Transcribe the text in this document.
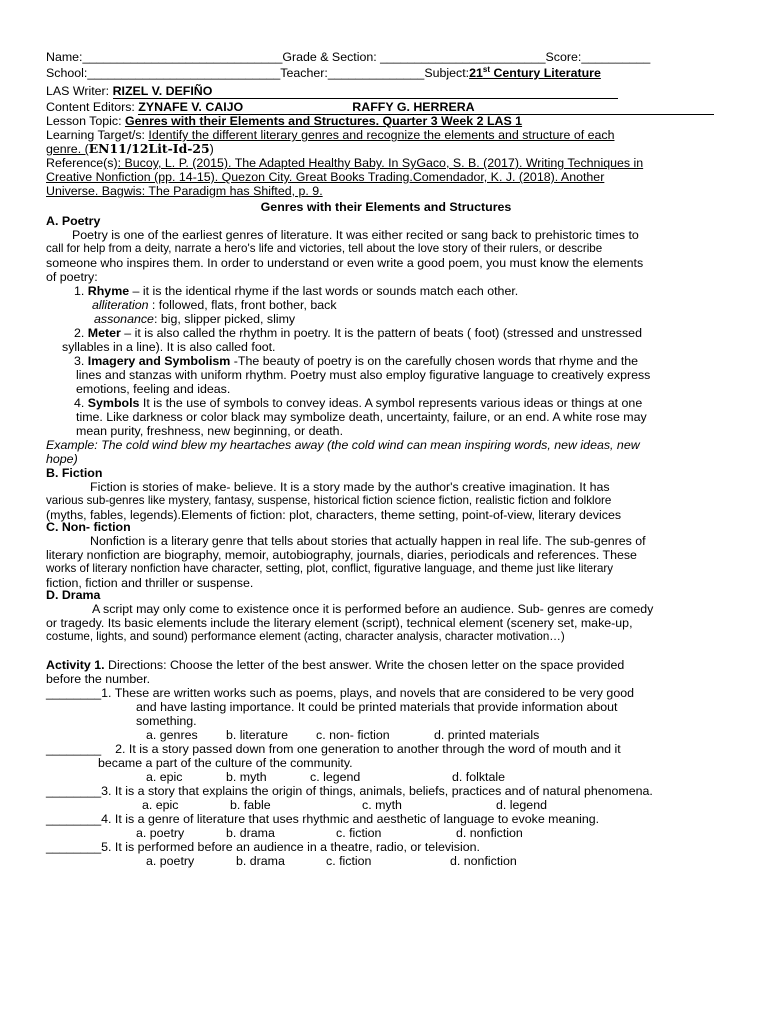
Name:_____________________________Grade & Section: ________________________Score:__________
School:____________________________Teacher:______________Subject:21st Century Literature
LAS Writer: RIZEL V. DEFIÑO
Content Editors: ZYNAFE V. CAIJO	RAFFY G. HERRERA
Lesson Topic: Genres with their Elements and Structures. Quarter 3 Week 2 LAS 1
Learning Target/s: Identify the different literary genres and recognize the elements and structure of each
genre. (EN11/12Lit-Id-25)
Reference(s): Bucoy, L. P. (2015). The Adapted Healthy Baby. In SyGaco, S. B. (2017). Writing Techniques in
Creative Nonfiction (pp. 14-15). Quezon City. Great Books Trading.Comendador, K. J. (2018). Another
Universe. Bagwis: The Paradigm has Shifted, p. 9.
Genres with their Elements and Structures
A. Poetry
Poetry is one of the earliest genres of literature. It was either recited or sang back to prehistoric times to
call for help from a deity, narrate a hero's life and victories, tell about the love story of their rulers, or describe
someone who inspires them. In order to understand or even write a good poem, you must know the elements
of poetry:
1. Rhyme – it is the identical rhyme if the last words or sounds match each other.
alliteration : followed, flats, front bother, back
assonance: big, slipper picked, slimy
2. Meter – it is also called the rhythm in poetry. It is the pattern of beats ( foot) (stressed and unstressed
syllables in a line). It is also called foot.
3. Imagery and Symbolism -The beauty of poetry is on the carefully chosen words that rhyme and the
lines and stanzas with uniform rhythm. Poetry must also employ figurative language to creatively express
emotions, feeling and ideas.
4. Symbols It is the use of symbols to convey ideas. A symbol represents various ideas or things at one
time. Like darkness or color black may symbolize death, uncertainty, failure, or an end. A white rose may
mean purity, freshness, new beginning, or death.
Example: The cold wind blew my heartaches away (the cold wind can mean inspiring words, new ideas, new
hope)
B. Fiction
Fiction is stories of make- believe. It is a story made by the author's creative imagination. It has
various sub-genres like mystery, fantasy, suspense, historical fiction science fiction, realistic fiction and folklore
(myths, fables, legends).Elements of fiction: plot, characters, theme setting, point-of-view, literary devices
C. Non- fiction
Nonfiction is a literary genre that tells about stories that actually happen in real life. The sub-genres of
literary nonfiction are biography, memoir, autobiography, journals, diaries, periodicals and references. These
works of literary nonfiction have character, setting, plot, conflict, figurative language, and theme just like literary
fiction, fiction and thriller or suspense.
D. Drama
A script may only come to existence once it is performed before an audience. Sub- genres are comedy
or tragedy. Its basic elements include the literary element (script), technical element (scenery set, make-up,
costume, lights, and sound) performance element (acting, character analysis, character motivation…)
Activity 1. Directions: Choose the letter of the best answer. Write the chosen letter on the space provided
before the number.
________1. These are written works such as poems, plays, and novels that are considered to be very good
and have lasting importance. It could be printed materials that provide information about
something.
a. genres b. literature c. non- fiction	d. printed materials
________ 2. It is a story passed down from one generation to another through the word of mouth and it
became a part of the culture of the community.
a. epic	b. myth	c. legend	d. folktale
________3. It is a story that explains the origin of things, animals, beliefs, practices and of natural phenomena.
a. epic	b. fable	c. myth	d. legend
________4. It is a genre of literature that uses rhythmic and aesthetic of language to evoke meaning.
a. poetry	b. drama	c. fiction	d. nonfiction
________5. It is performed before an audience in a theatre, radio, or television.
a. poetry	b. drama	c. fiction	d. nonfiction
